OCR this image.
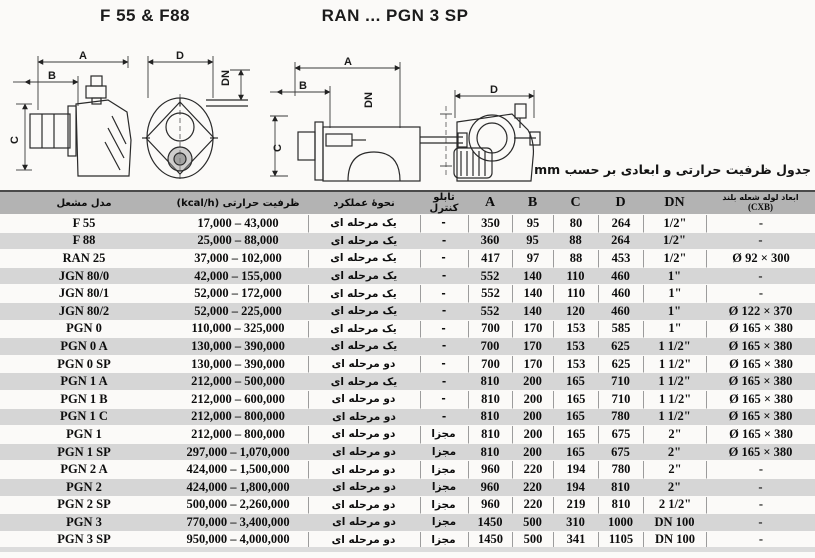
F 55 & F88	RAN ... PGN 3 SP
A
B
C
D
DN
A
B
C
DN
D
جدول ظرفیت حرارتی و ابعادی بر حسب mm
مدل مشعل	ظرفیت حرارتی (kcal/h)	نحوهٔ عملکرد	تابلو کنترل	A	B	C	D	DN	ابعاد لوله شعله بلند
(CXB)

F 55	17,000 – 43,000	یک مرحله ای	-	350	95	80	264	1/2"	-
F 88	25,000 – 88,000	یک مرحله ای	-	360	95	88	264	1/2"	-
RAN 25	37,000 – 102,000	یک مرحله ای	-	417	97	88	453	1/2"	Ø 92 × 300
JGN 80/0	42,000 – 155,000	یک مرحله ای	-	552	140	110	460	1"	-
JGN 80/1	52,000 – 172,000	یک مرحله ای	-	552	140	110	460	1"	-
JGN 80/2	52,000 – 225,000	یک مرحله ای	-	552	140	120	460	1"	Ø 122 × 370
PGN 0	110,000 – 325,000	یک مرحله ای	-	700	170	153	585	1"	Ø 165 × 380
PGN 0 A	130,000 – 390,000	یک مرحله ای	-	700	170	153	625	1 1/2"	Ø 165 × 380
PGN 0 SP	130,000 – 390,000	دو مرحله ای	-	700	170	153	625	1 1/2"	Ø 165 × 380
PGN 1 A	212,000 – 500,000	یک مرحله ای	-	810	200	165	710	1 1/2"	Ø 165 × 380
PGN 1 B	212,000 – 600,000	دو مرحله ای	-	810	200	165	710	1 1/2"	Ø 165 × 380
PGN 1 C	212,000 – 800,000	دو مرحله ای	-	810	200	165	780	1 1/2"	Ø 165 × 380
PGN 1	212,000 – 800,000	دو مرحله ای	مجزا	810	200	165	675	2"	Ø 165 × 380
PGN 1 SP	297,000 – 1,070,000	دو مرحله ای	مجزا	810	200	165	675	2"	Ø 165 × 380
PGN 2 A	424,000 – 1,500,000	دو مرحله ای	مجزا	960	220	194	780	2"	-
PGN 2	424,000 – 1,800,000	دو مرحله ای	مجزا	960	220	194	810	2"	-
PGN 2 SP	500,000 – 2,260,000	دو مرحله ای	مجزا	960	220	219	810	2 1/2"	-
PGN 3	770,000 – 3,400,000	دو مرحله ای	مجزا	1450	500	310	1000	DN 100	-
PGN 3 SP	950,000 – 4,000,000	دو مرحله ای	مجزا	1450	500	341	1105	DN 100	-
